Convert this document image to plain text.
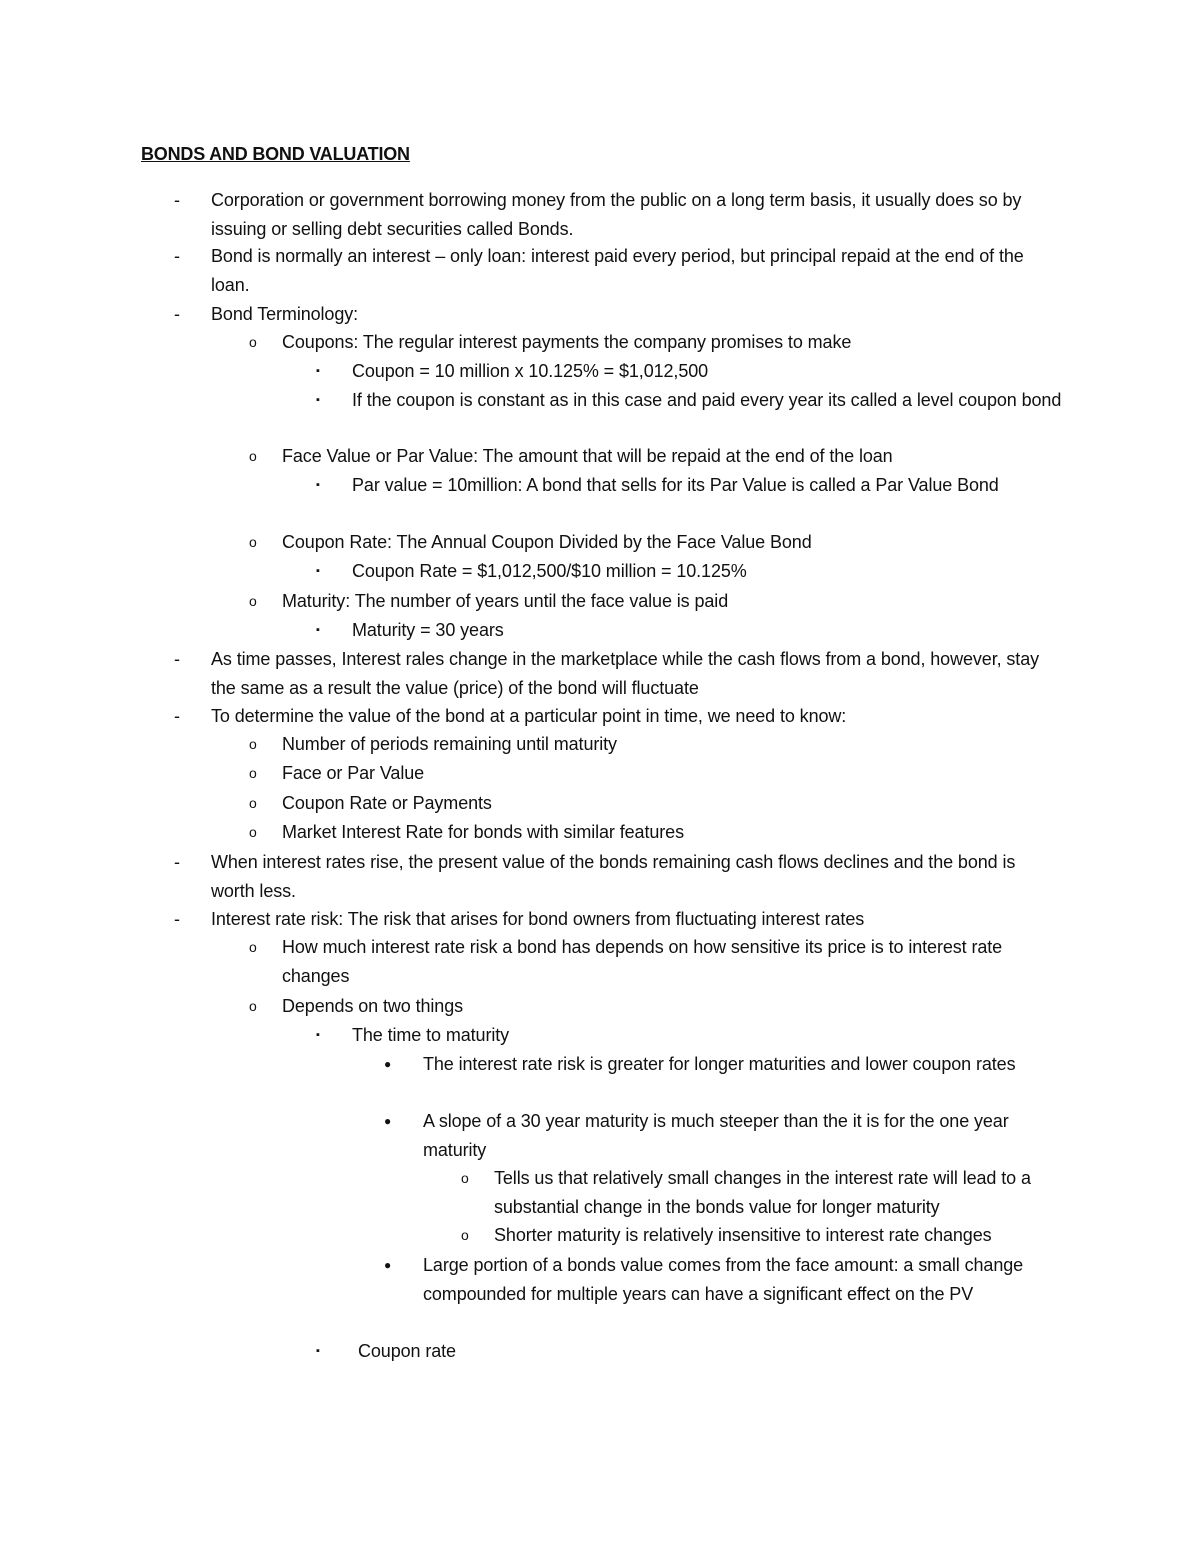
BONDS AND BOND VALUATION
- Corporation or government borrowing money from the public on a long term basis, it usually does so by issuing or selling debt securities called Bonds.
- Bond is normally an interest – only loan: interest paid every period, but principal repaid at the end of the loan.
- Bond Terminology:
o Coupons: The regular interest payments the company promises to make
▪ Coupon = 10 million x 10.125% = $1,012,500
▪ If the coupon is constant as in this case and paid every year its called a level coupon bond
o Face Value or Par Value: The amount that will be repaid at the end of the loan
▪ Par value = 10million: A bond that sells for its Par Value is called a Par Value Bond
o Coupon Rate: The Annual Coupon Divided by the Face Value Bond
▪ Coupon Rate = $1,012,500/$10 million = 10.125%
o Maturity: The number of years until the face value is paid
▪ Maturity = 30 years
- As time passes, Interest rales change in the marketplace while the cash flows from a bond, however, stay the same as a result the value (price) of the bond will fluctuate
- To determine the value of the bond at a particular point in time, we need to know:
o Number of periods remaining until maturity
o Face or Par Value
o Coupon Rate or Payments
o Market Interest Rate for bonds with similar features
- When interest rates rise, the present value of the bonds remaining cash flows declines and the bond is worth less.
- Interest rate risk: The risk that arises for bond owners from fluctuating interest rates
o How much interest rate risk a bond has depends on how sensitive its price is to interest rate changes
o Depends on two things
▪ The time to maturity
● The interest rate risk is greater for longer maturities and lower coupon rates
● A slope of a 30 year maturity is much steeper than the it is for the one year maturity
o Tells us that relatively small changes in the interest rate will lead to a substantial change in the bonds value for longer maturity
o Shorter maturity is relatively insensitive to interest rate changes
● Large portion of a bonds value comes from the face amount: a small change compounded for multiple years can have a significant effect on the PV
▪ Coupon rate
